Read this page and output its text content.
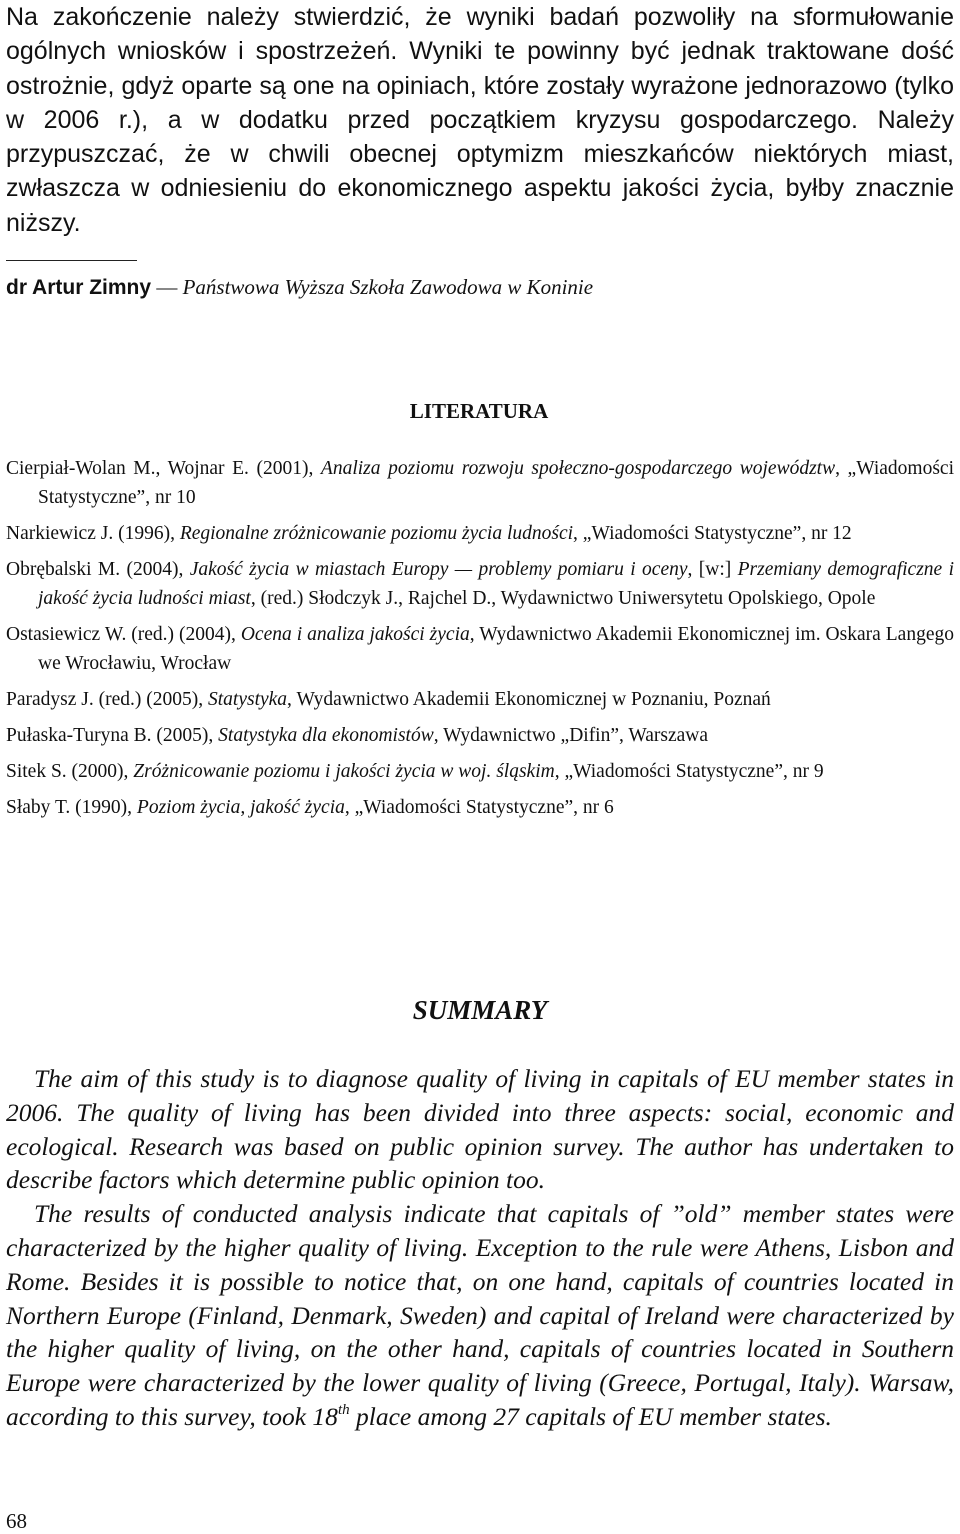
Na zakończenie należy stwierdzić, że wyniki badań pozwoliły na sformułowanie ogólnych wniosków i spostrzeżeń. Wyniki te powinny być jednak traktowane dość ostrożnie, gdyż oparte są one na opiniach, które zostały wyrażone jednorazowo (tylko w 2006 r.), a w dodatku przed początkiem kryzysu gospodarczego. Należy przypuszczać, że w chwili obecnej optymizm mieszkańców niektórych miast, zwłaszcza w odniesieniu do ekonomicznego aspektu jakości życia, byłby znacznie niższy.

dr Artur Zimny — Państwowa Wyższa Szkoła Zawodowa w Koninie

LITERATURA
Cierpiał-Wolan M., Wojnar E. (2001), Analiza poziomu rozwoju społeczno-gospodarczego województw, „Wiadomości Statystyczne”, nr 10
Narkiewicz J. (1996), Regionalne zróżnicowanie poziomu życia ludności, „Wiadomości Statystyczne”, nr 12
Obrębalski M. (2004), Jakość życia w miastach Europy — problemy pomiaru i oceny, [w:] Przemiany demograficzne i jakość życia ludności miast, (red.) Słodczyk J., Rajchel D., Wydawnictwo Uniwersytetu Opolskiego, Opole
Ostasiewicz W. (red.) (2004), Ocena i analiza jakości życia, Wydawnictwo Akademii Ekonomicznej im. Oskara Langego we Wrocławiu, Wrocław
Paradysz J. (red.) (2005), Statystyka, Wydawnictwo Akademii Ekonomicznej w Poznaniu, Poznań
Pułaska-Turyna B. (2005), Statystyka dla ekonomistów, Wydawnictwo „Difin”, Warszawa
Sitek S. (2000), Zróżnicowanie poziomu i jakości życia w woj. śląskim, „Wiadomości Statystyczne”, nr 9
Słaby T. (1990), Poziom życia, jakość życia, „Wiadomości Statystyczne”, nr 6
SUMMARY

The aim of this study is to diagnose quality of living in capitals of EU member states in 2006. The quality of living has been divided into three aspects: social, economic and ecological. Research was based on public opinion survey. The author has undertaken to describe factors which determine public opinion too.

The results of conducted analysis indicate that capitals of ”old” member states were characterized by the higher quality of living. Exception to the rule were Athens, Lisbon and Rome. Besides it is possible to notice that, on one hand, capitals of countries located in Northern Europe (Finland, Denmark, Sweden) and capital of Ireland were characterized by the higher quality of living, on the other hand, capitals of countries located in Southern Europe were characterized by the lower quality of living (Greece, Portugal, Italy). Warsaw, according to this survey, took 18th place among 27 capitals of EU member states.

68
